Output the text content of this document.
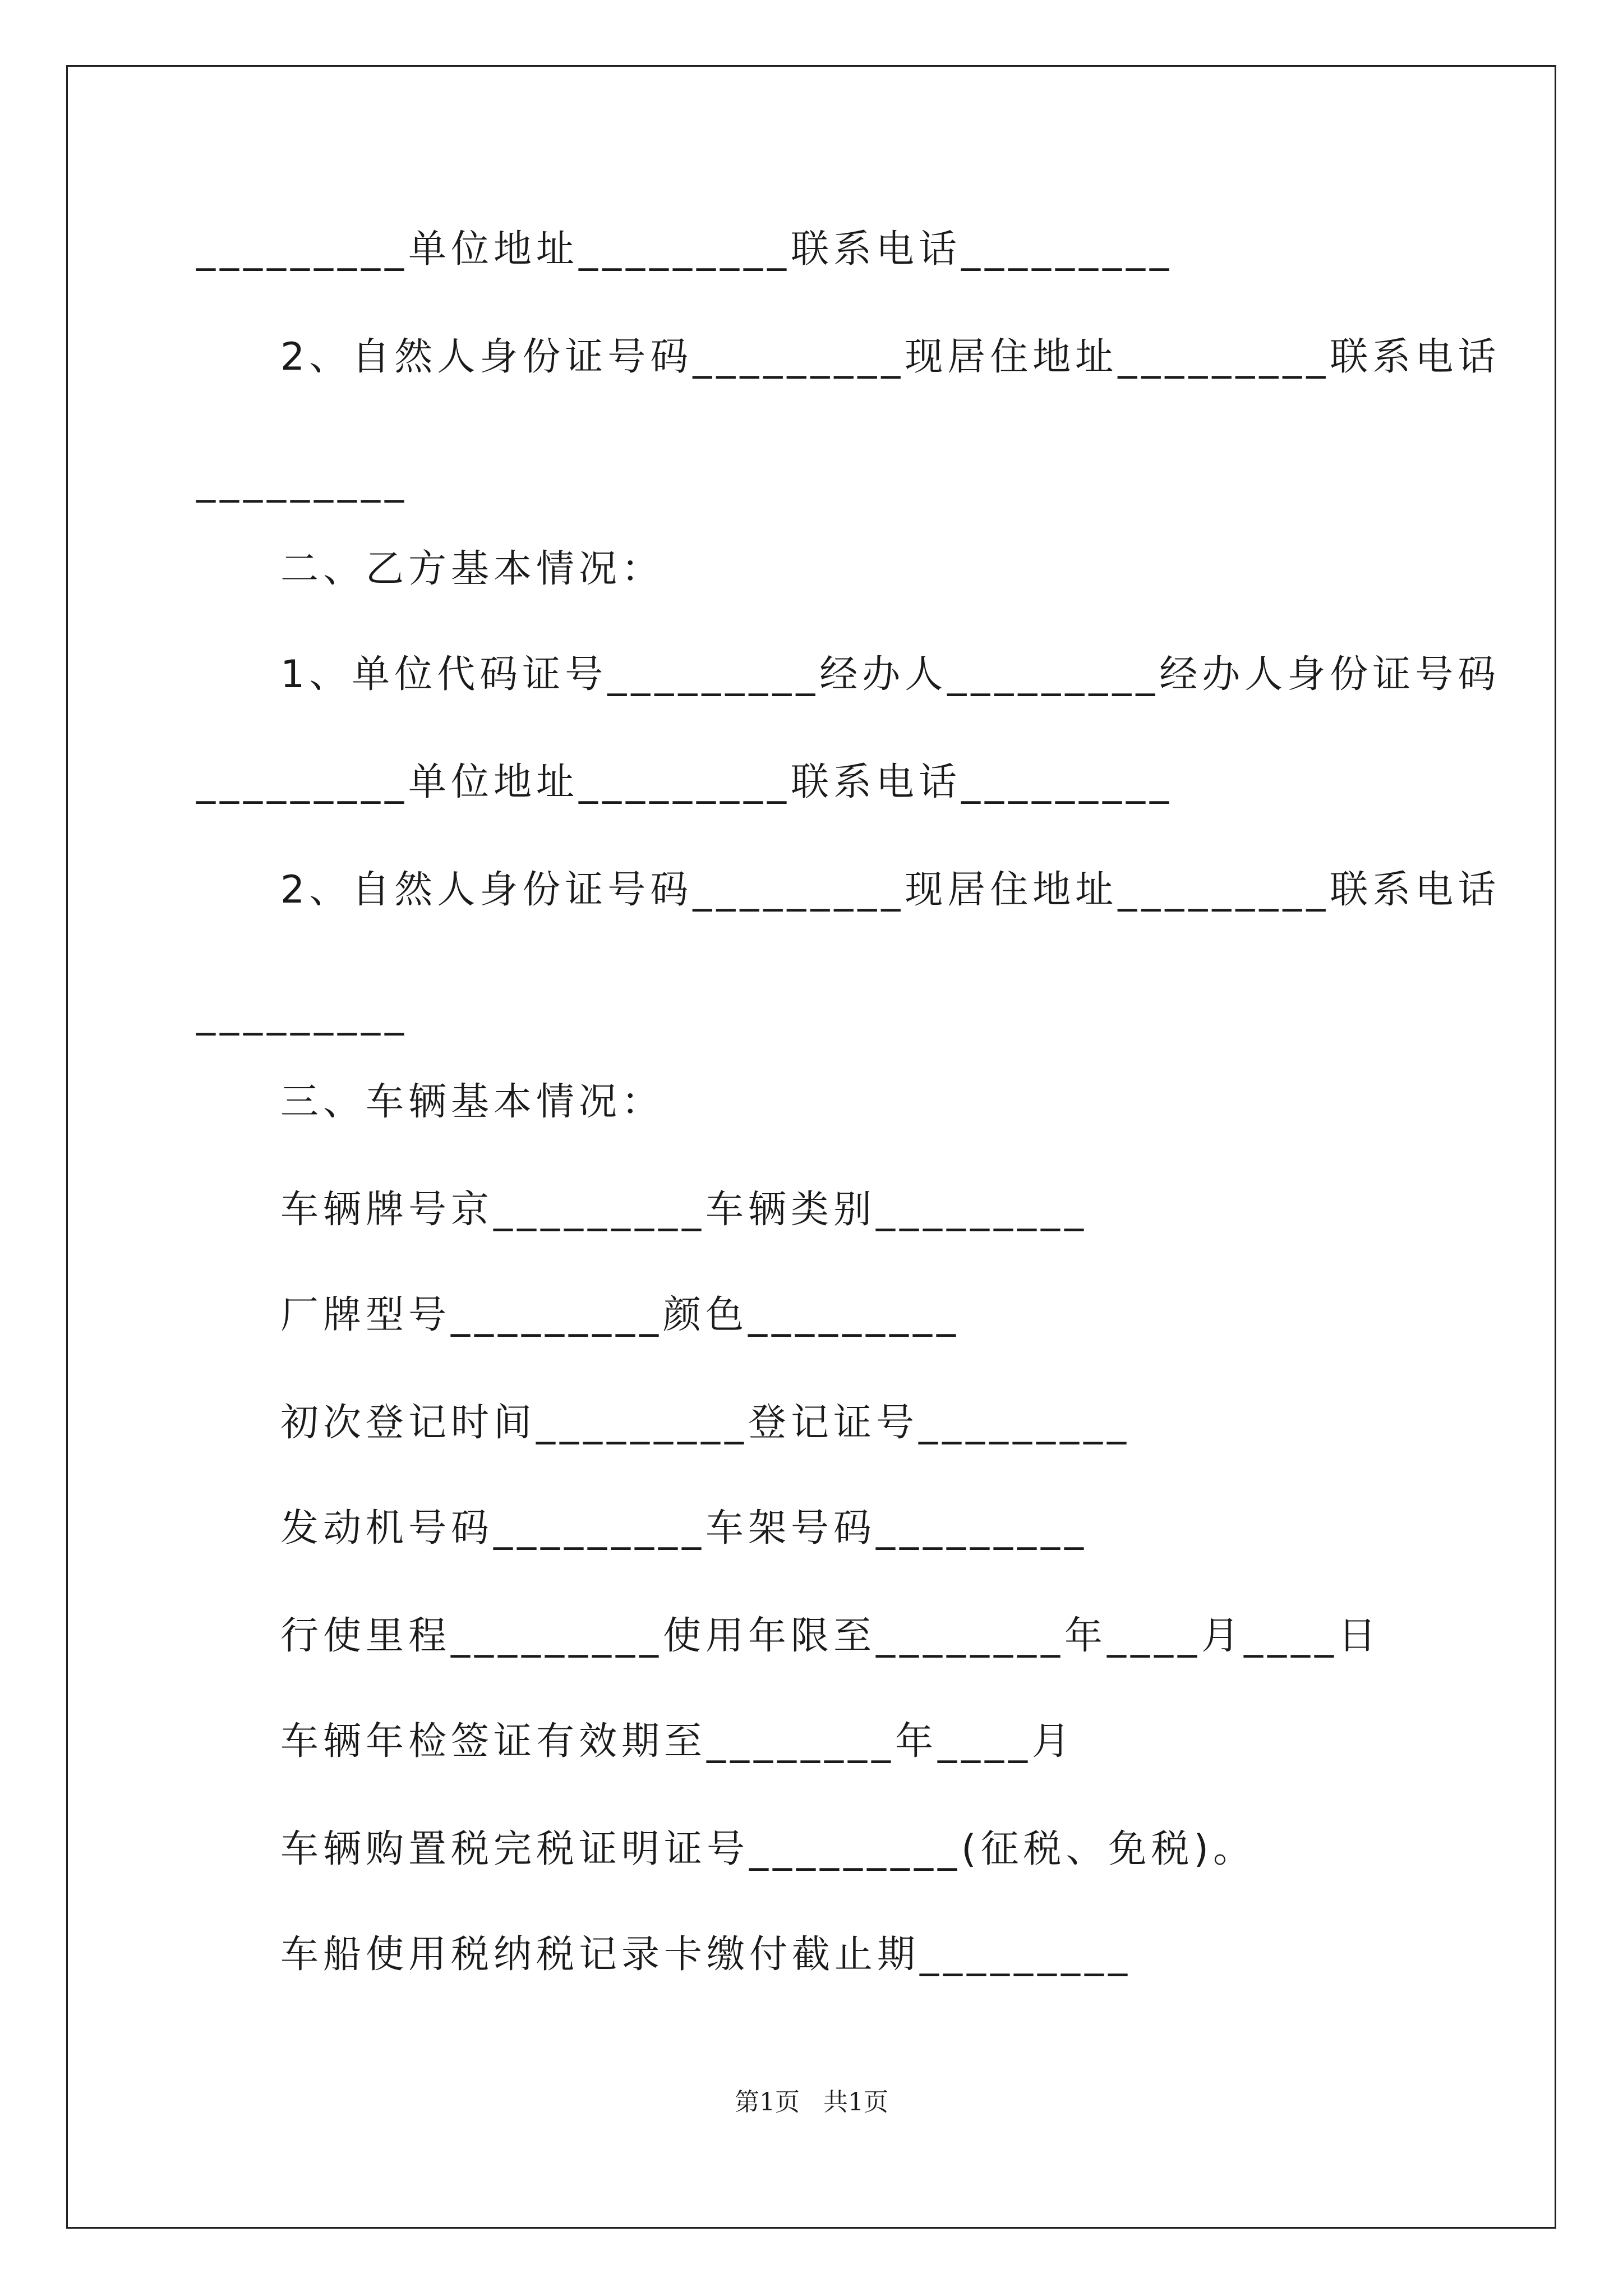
_________单位地址_________联系电话_________
2、自然人身份证号码_________现居住地址_________联系电话
_________
二、乙方基本情况：
1、单位代码证号_________经办人_________经办人身份证号码
_________单位地址_________联系电话_________
2、自然人身份证号码_________现居住地址_________联系电话
_________
三、车辆基本情况：
车辆牌号京_________车辆类别_________
厂牌型号_________颜色_________
初次登记时间_________登记证号_________
发动机号码_________车架号码_________
行使里程_________使用年限至________年____月____日
车辆年检签证有效期至________年____月
车辆购置税完税证明证号_________(征税、免税)。
车船使用税纳税记录卡缴付截止期_________
第1页   共1页
